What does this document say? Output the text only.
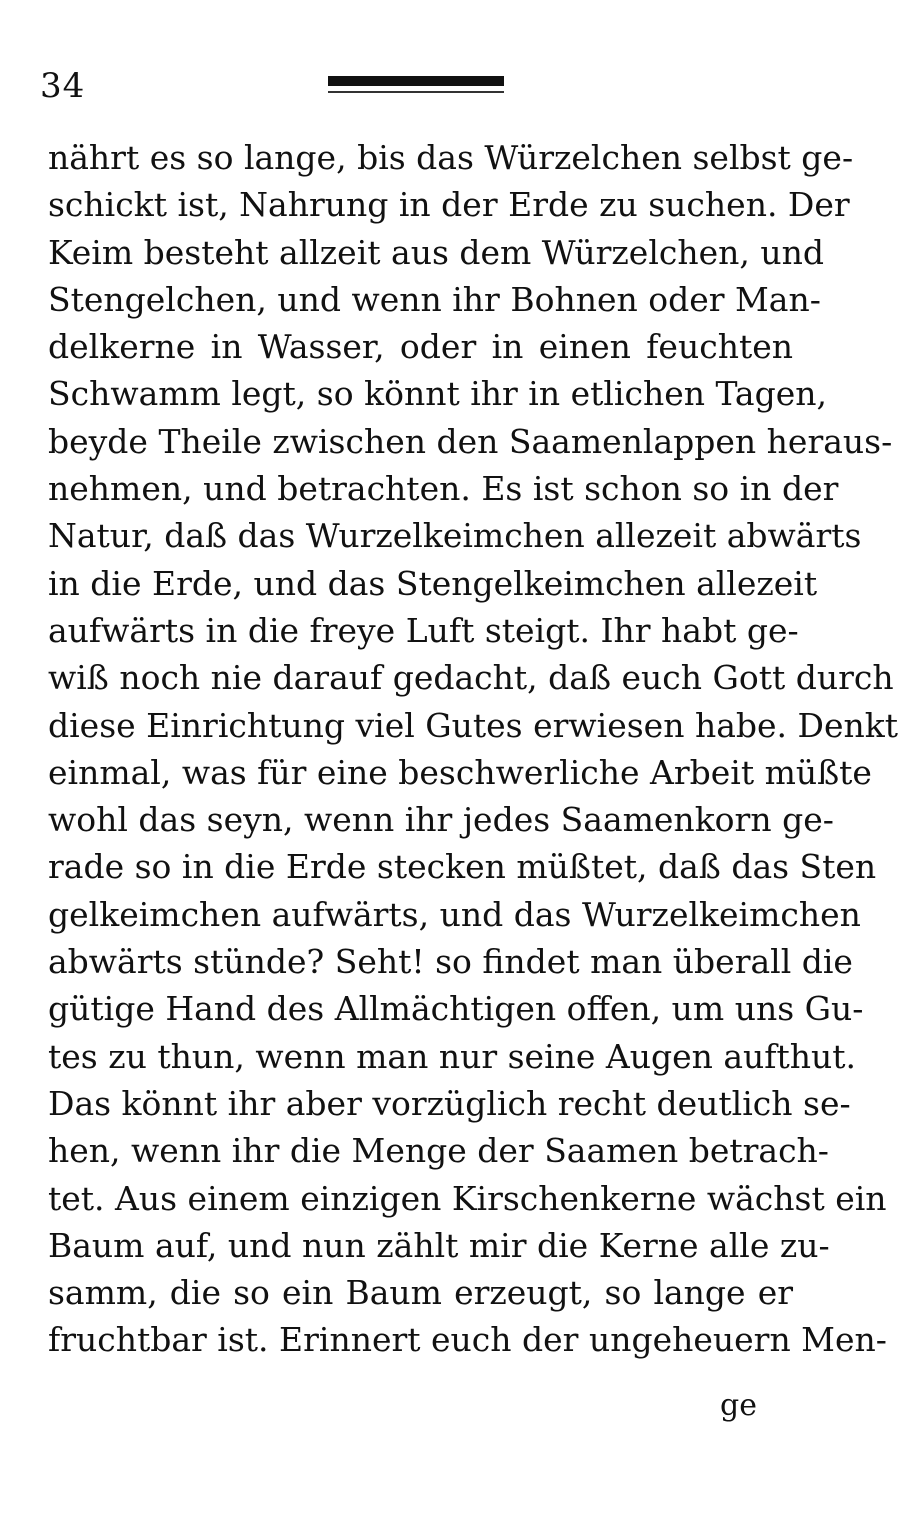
34
nährt es so lange, bis das Würzelchen selbst ge-
schickt ist, Nahrung in der Erde zu suchen. Der
Keim besteht allzeit aus dem Würzelchen, und
Stengelchen, und wenn ihr Bohnen oder Man-
delkerne in Wasser, oder in einen feuchten
Schwamm legt, so könnt ihr in etlichen Tagen,
beyde Theile zwischen den Saamenlappen heraus-
nehmen, und betrachten. Es ist schon so in der
Natur, daß das Wurzelkeimchen allezeit abwärts
in die Erde, und das Stengelkeimchen allezeit
aufwärts in die freye Luft steigt. Ihr habt ge-
wiß noch nie darauf gedacht, daß euch Gott durch
diese Einrichtung viel Gutes erwiesen habe. Denkt
einmal, was für eine beschwerliche Arbeit müßte
wohl das seyn, wenn ihr jedes Saamenkorn ge-
rade so in die Erde stecken müßtet, daß das Sten
gelkeimchen aufwärts, und das Wurzelkeimchen
abwärts stünde? Seht! so findet man überall die
gütige Hand des Allmächtigen offen, um uns Gu-
tes zu thun, wenn man nur seine Augen aufthut.
Das könnt ihr aber vorzüglich recht deutlich se-
hen, wenn ihr die Menge der Saamen betrach-
tet. Aus einem einzigen Kirschenkerne wächst ein
Baum auf, und nun zählt mir die Kerne alle zu-
samm, die so ein Baum erzeugt, so lange er
fruchtbar ist. Erinnert euch der ungeheuern Men-
ge
